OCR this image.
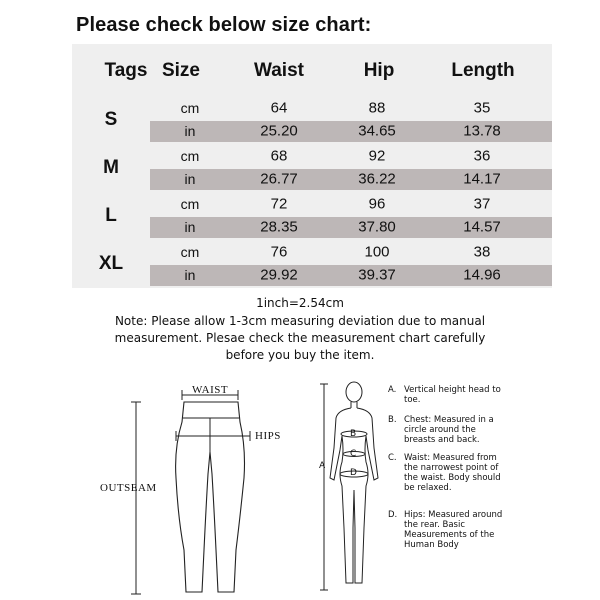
Please check below size chart:
Tags Size	Waist	Hip	Length
S
cm	64	88	35
in	25.20	34.65	13.78
M
cm	68	92	36
in	26.77	36.22	14.17
L
cm	72	96	37
in	28.35	37.80	14.57
XL
cm	76	100	38
in	29.92	39.37	14.96
1inch=2.54cm
Note: Please allow 1-3cm measuring deviation due to manual measurement. Plesae check the measurement chart carefully before you buy the item.
WAIST
HIPS
OUTSEAM
A
B
C
D
A. Vertical height head to toe.
B. Chest: Measured in a circle around the breasts and back.
C. Waist: Measured from the narrowest point of the waist. Body should be relaxed.
D. Hips: Measured around the rear. Basic Measurements of the Human Body
